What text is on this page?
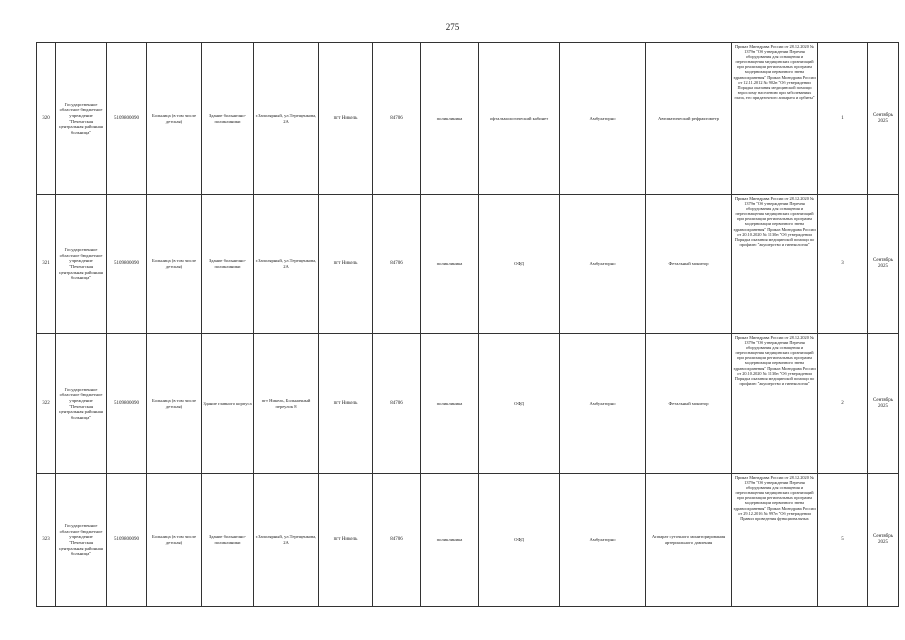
275
320	Государственное областное бюджетное учреждение "Печенгская центральная районная больница"	5109800090	Больница (в том числе детская)	Здание больнично-поликлиники	г.Заполярный, ул.Терещенкова, 2А	пгт Никель	84706	поликлиника	офтальмологический кабинет	Амбулаторно	Автоматический рефрактометр	Приказ Минздрава России от 28.12.2020 № 1379н "Об утверждении Перечня оборудования для оснащения и переоснащения медицинских организаций при реализации региональных программ модернизации первичного звена здравоохранения" Приказ Минздрава России от 12.11.2012 № 902н "Об утверждении Порядка оказания медицинской помощи взрослому населению при заболеваниях глаза, его придаточного аппарата и орбиты"	1	Сентябрь 2025
321	Государственное областное бюджетное учреждение "Печенгская центральная районная больница"	5109800090	Больница (в том числе детская)	Здание больнично-поликлиники	г.Заполярный, ул.Терещенкова, 2А	пгт Никель	84706	поликлиника	ОФД	Амбулаторно	Фетальный монитор	Приказ Минздрава России от 28.12.2020 № 1379н "Об утверждении Перечня оборудования для оснащения и переоснащения медицинских организаций при реализации региональных программ модернизации первичного звена здравоохранения" Приказ Минздрава России от 20.10.2020 № 1130н "Об утверждении Порядка оказания медицинской помощи по профилю "акушерство и гинекология"	3	Сентябрь 2025
322	Государственное областное бюджетное учреждение "Печенгская центральная районная больница"	5109800090	Больница (в том числе детская)	Здание главного корпуса	пгт Никель, Больничный переулок 8	пгт Никель	84706	поликлиника	ОФД	Амбулаторно	Фетальный монитор	Приказ Минздрава России от 28.12.2020 № 1379н "Об утверждении Перечня оборудования для оснащения и переоснащения медицинских организаций при реализации региональных программ модернизации первичного звена здравоохранения" Приказ Минздрава России от 20.10.2020 № 1130н "Об утверждении Порядка оказания медицинской помощи по профилю "акушерство и гинекология"	2	Сентябрь 2025
323	Государственное областное бюджетное учреждение "Печенгская центральная районная больница"	5109800090	Больница (в том числе детская)	Здание больнично-поликлиники	г.Заполярный, ул.Терещенкова, 2А	пгт Никель	84706	поликлиника	ОФД	Амбулаторно	Аппарат суточного мониторирования артериального давления	Приказ Минздрава России от 28.12.2020 № 1379н "Об утверждении Перечня оборудования для оснащения и переоснащения медицинских организаций при реализации региональных программ модернизации первичного звена здравоохранения" Приказ Минздрава России от 29.12.2016 № 997н "Об утверждении Правил проведения функциональных	5	Сентябрь 2025
